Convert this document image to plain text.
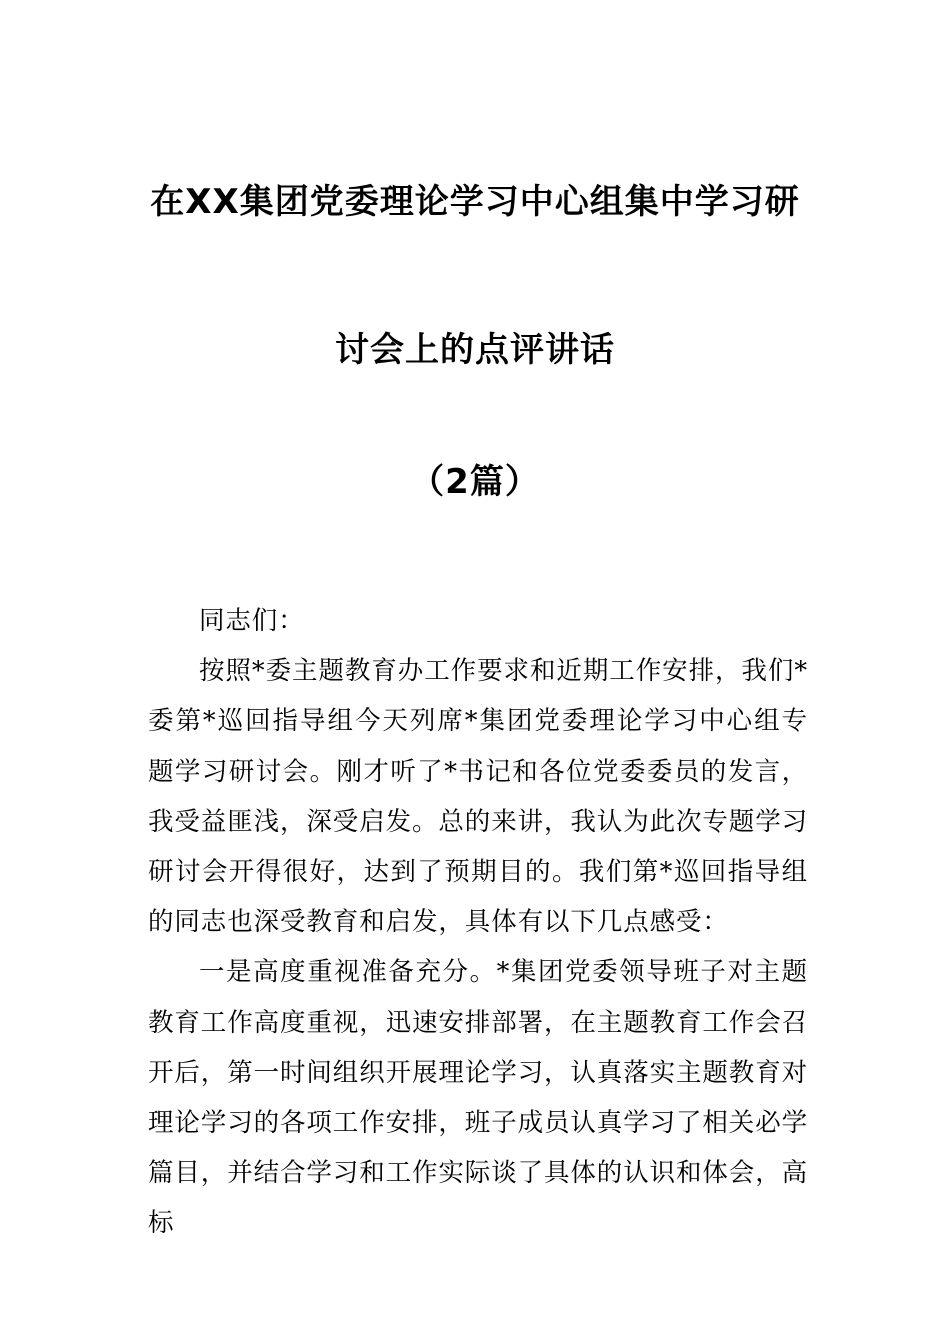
在XX集团党委理论学习中心组集中学习研
讨会上的点评讲话
（2篇）

同志们：

按照*委主题教育办工作要求和近期工作安排，我们*委第*巡回指导组今天列席*集团党委理论学习中心组专题学习研讨会。刚才听了*书记和各位党委委员的发言，我受益匪浅，深受启发。总的来讲，我认为此次专题学习研讨会开得很好，达到了预期目的。我们第*巡回指导组的同志也深受教育和启发，具体有以下几点感受：

一是高度重视准备充分。*集团党委领导班子对主题教育工作高度重视，迅速安排部署，在主题教育工作会召开后，第一时间组织开展理论学习，认真落实主题教育对理论学习的各项工作安排，班子成员认真学习了相关必学篇目，并结合学习和工作实际谈了具体的认识和体会，高标
